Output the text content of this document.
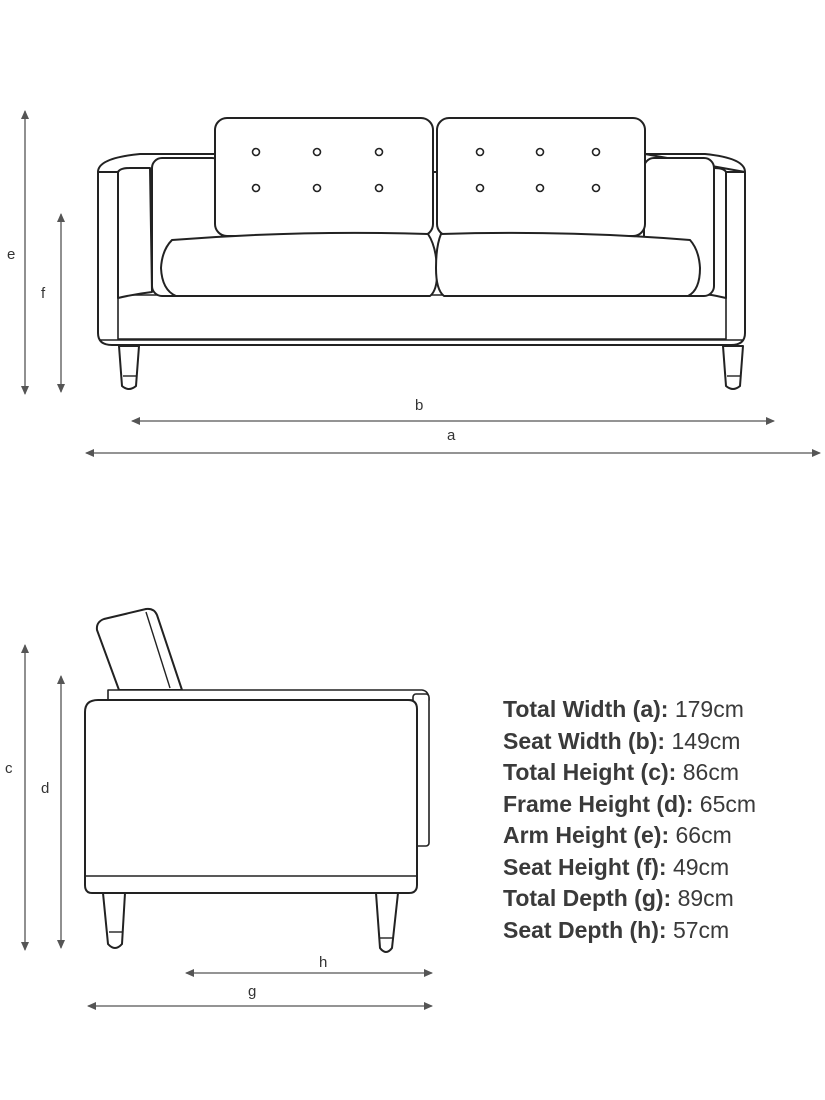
e
f
b
a
c
d
h
g
Total Width (a): 179cm
Seat Width (b): 149cm
Total Height (c): 86cm
Frame Height (d): 65cm
Arm Height (e): 66cm
Seat Height (f): 49cm
Total Depth (g): 89cm
Seat Depth (h): 57cm
